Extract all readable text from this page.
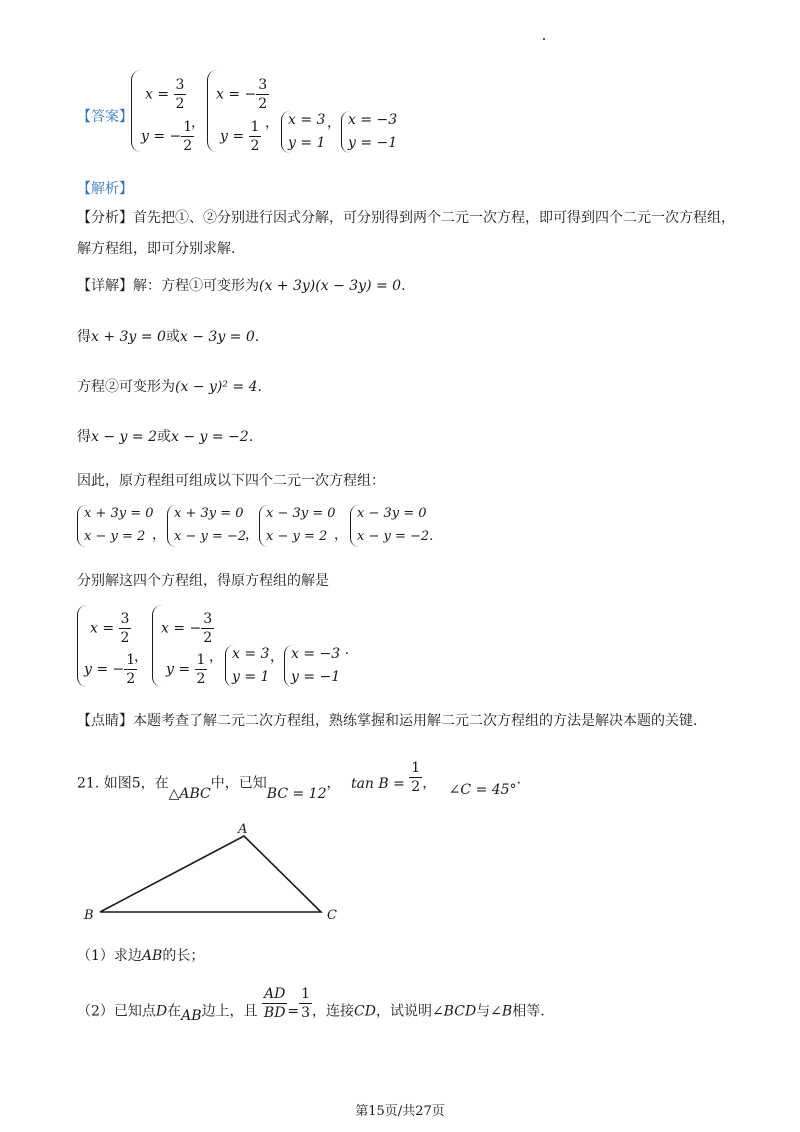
【答案】
$x = \frac{3}{2}$
y = − $\frac{1}{2}$
，
x = − $\frac{3}{2}$
$y = \frac{1}{2}$ ， x = 3
y = 1
， x = −3
y = −1
【解析】
【分析】首先把①、②分别进行因式分解，可分别得到两个二元一次方程，即可得到四个二元一次方程组，
解方程组，即可分别求解.
【详解】解：方程①可变形为(x + 3y)(x − 3y) = 0.
得x + 3y = 0或x − 3y = 0.
方程②可变形为(x − y)² = 4.
得x − y = 2或x − y = −2.
因此，原方程组可组成以下四个二元一次方程组：
x + 3y = 0
x − y = 2 ，
x + 3y = 0
x − y = −2
，
x − 3y = 0
x − y = 2 ，
x − 3y = 0
x − y = −2.
分别解这四个方程组，得原方程组的解是
$x = \frac{3}{2}$
y = − $\frac{1}{2}$
，
x = − $\frac{3}{2}$
$y = \frac{1}{2}$ ， x = 3
y = 1
， x = −3 ·
y = −1
【点睛】本题考查了解二元二次方程组，熟练掌握和运用解二元二次方程组的方法是解决本题的关键.
21. 如图5，在△ABC中，已知BC = 12， $\tan B = \frac{1}{2}$ ， ∠C = 45°·
A
B	C
（1）求边AB的长；
（2）已知点D在AB边上，且 $\frac{AD}{BD} = \frac{1}{3}$ ，连接CD，试说明∠BCD与∠B相等.
第15页/共27页
